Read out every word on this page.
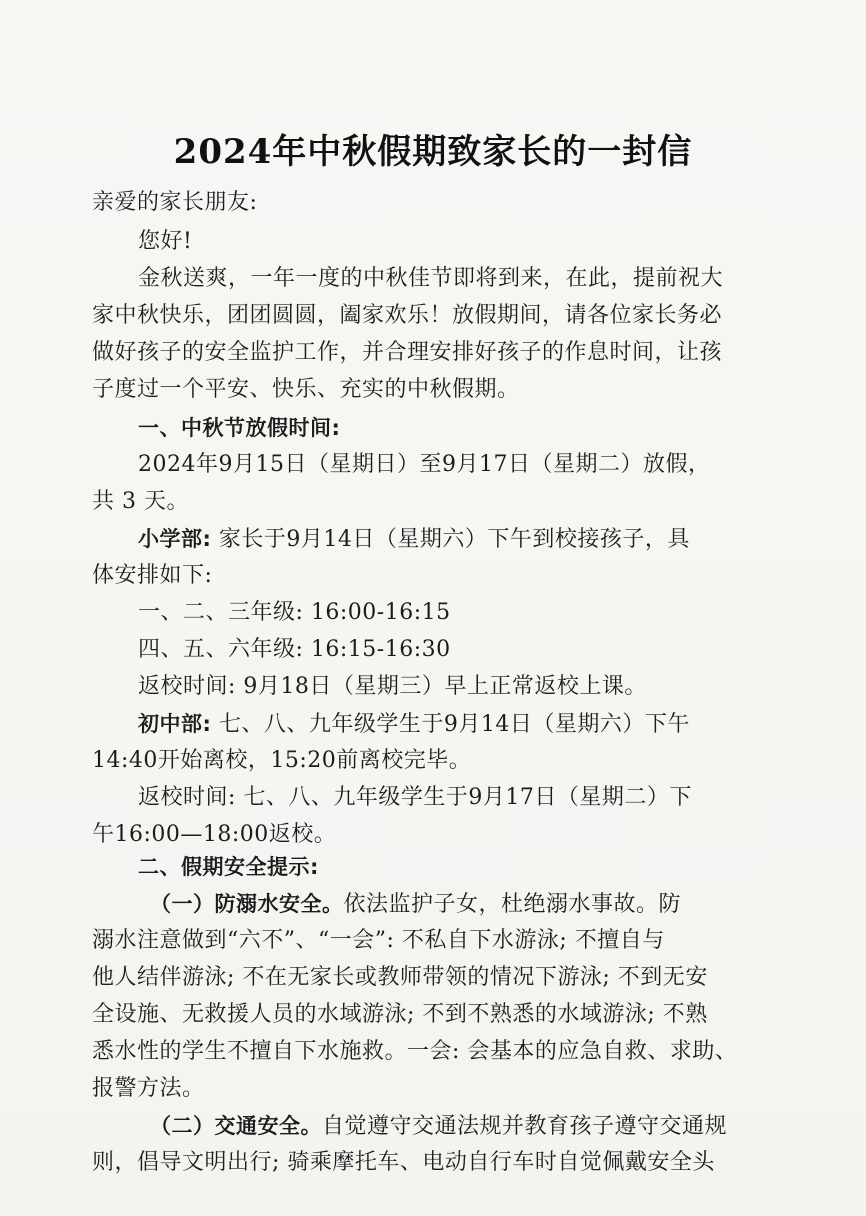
2024年中秋假期致家长的一封信
亲爱的家长朋友:
您好!
金秋送爽，一年一度的中秋佳节即将到来，在此，提前祝大
家中秋快乐，团团圆圆，阖家欢乐！放假期间，请各位家长务必
做好孩子的安全监护工作，并合理安排好孩子的作息时间，让孩
子度过一个平安、快乐、充实的中秋假期。
一、中秋节放假时间:
2024年9月15日（星期日）至9月17日（星期二）放假，
共 3 天。
小学部: 家长于9月14日（星期六）下午到校接孩子，具
体安排如下:
一、二、三年级: 16:00-16:15
四、五、六年级: 16:15-16:30
返校时间: 9月18日（星期三）早上正常返校上课。
初中部: 七、八、九年级学生于9月14日（星期六）下午
14:40开始离校，15:20前离校完毕。
返校时间: 七、八、九年级学生于9月17日（星期二）下
午16:00—18:00返校。
二、假期安全提示:
（一）防溺水安全。依法监护子女，杜绝溺水事故。防
溺水注意做到“六不”、“一会”: 不私自下水游泳; 不擅自与
他人结伴游泳; 不在无家长或教师带领的情况下游泳; 不到无安
全设施、无救援人员的水域游泳; 不到不熟悉的水域游泳; 不熟
悉水性的学生不擅自下水施救。一会: 会基本的应急自救、求助、
报警方法。
（二）交通安全。自觉遵守交通法规并教育孩子遵守交通规
则，倡导文明出行; 骑乘摩托车、电动自行车时自觉佩戴安全头
